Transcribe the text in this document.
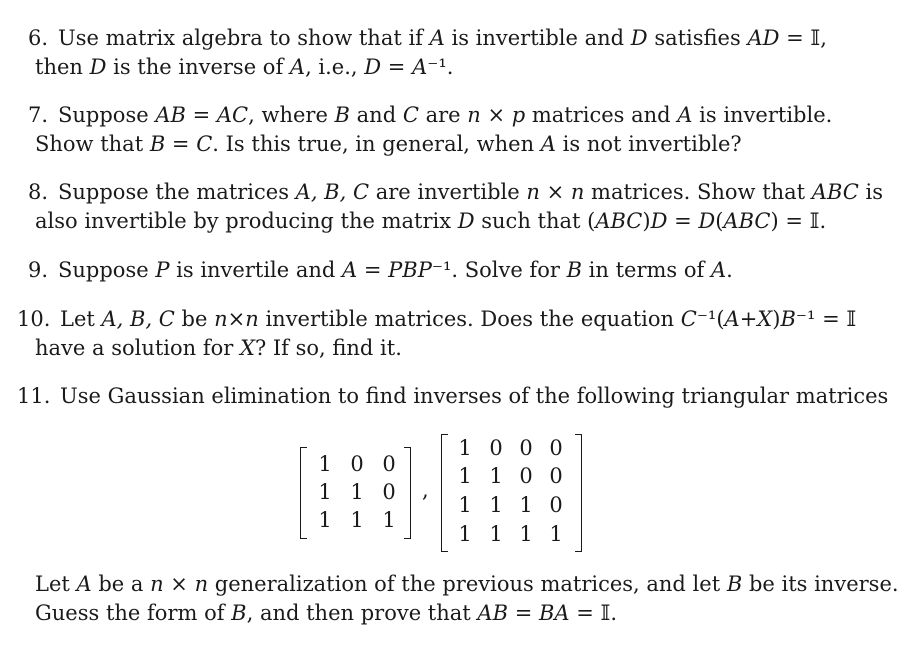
6. Use matrix algebra to show that if A is invertible and D satisfies AD = 𝕀,
then D is the inverse of A, i.e., D = A⁻¹.
7. Suppose AB = AC, where B and C are n × p matrices and A is invertible.
Show that B = C. Is this true, in general, when A is not invertible?
8. Suppose the matrices A, B, C are invertible n × n matrices. Show that ABC is
also invertible by producing the matrix D such that (ABC)D = D(ABC) = 𝕀.
9. Suppose P is invertile and A = PBP⁻¹. Solve for B in terms of A.
10. Let A, B, C be n×n invertible matrices. Does the equation C⁻¹(A+X)B⁻¹ = 𝕀
have a solution for X? If so, find it.
11. Use Gaussian elimination to find inverses of the following triangular matrices
1 0 0
1 1 0
1 1 1
,
1 0 0 0
1 1 0 0
1 1 1 0
1 1 1 1
Let A be a n × n generalization of the previous matrices, and let B be its inverse.
Guess the form of B, and then prove that AB = BA = 𝕀.
